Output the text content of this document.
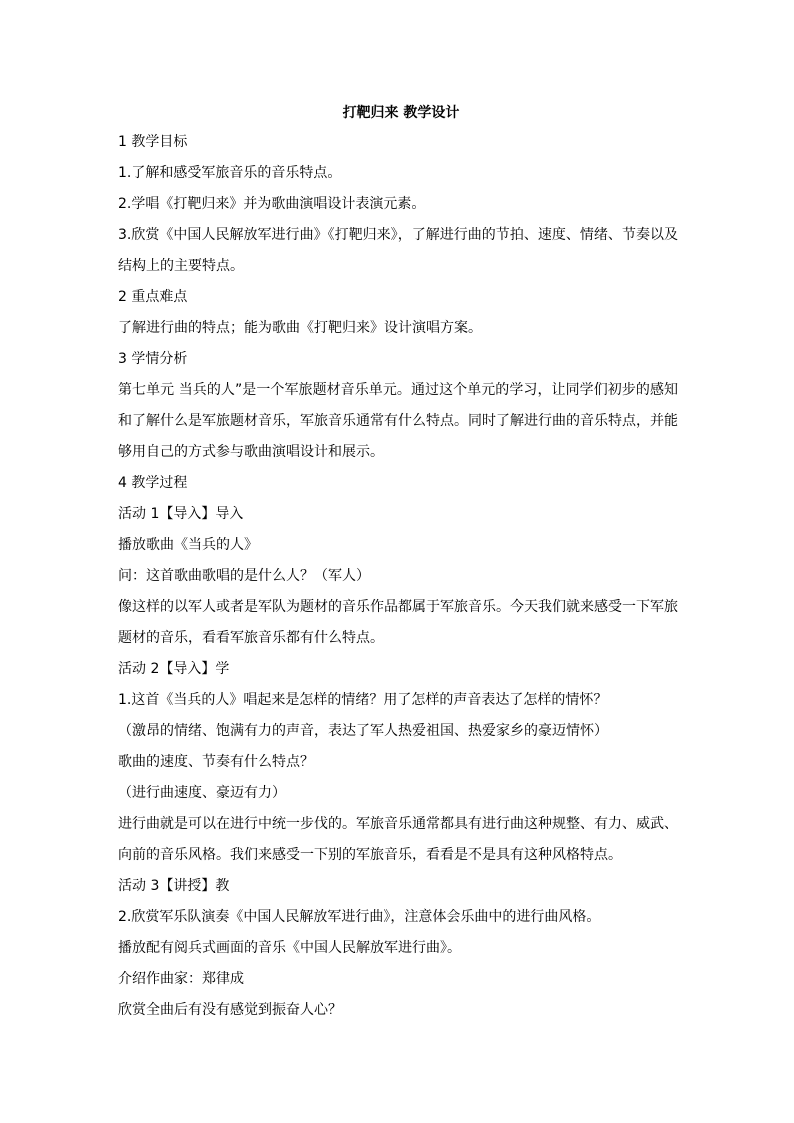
打靶归来 教学设计

1 教学目标

1.了解和感受军旅音乐的音乐特点。

2.学唱《打靶归来》并为歌曲演唱设计表演元素。

3.欣赏《中国人民解放军进行曲》《打靶归来》，了解进行曲的节拍、速度、情绪、节奏以及结构上的主要特点。

2 重点难点

了解进行曲的特点；能为歌曲《打靶归来》设计演唱方案。

3 学情分析

第七单元 当兵的人”是一个军旅题材音乐单元。通过这个单元的学习，让同学们初步的感知和了解什么是军旅题材音乐，军旅音乐通常有什么特点。同时了解进行曲的音乐特点，并能够用自己的方式参与歌曲演唱设计和展示。

4 教学过程

活动 1【导入】导入

播放歌曲《当兵的人》

问：这首歌曲歌唱的是什么人？（军人）

像这样的以军人或者是军队为题材的音乐作品都属于军旅音乐。今天我们就来感受一下军旅题材的音乐，看看军旅音乐都有什么特点。

活动 2【导入】学

1.这首《当兵的人》唱起来是怎样的情绪？用了怎样的声音表达了怎样的情怀？

（激昂的情绪、饱满有力的声音，表达了军人热爱祖国、热爱家乡的豪迈情怀）

歌曲的速度、节奏有什么特点？

（进行曲速度、豪迈有力）

进行曲就是可以在进行中统一步伐的。军旅音乐通常都具有进行曲这种规整、有力、威武、向前的音乐风格。我们来感受一下别的军旅音乐，看看是不是具有这种风格特点。

活动 3【讲授】教

2.欣赏军乐队演奏《中国人民解放军进行曲》，注意体会乐曲中的进行曲风格。

播放配有阅兵式画面的音乐《中国人民解放军进行曲》。

介绍作曲家：郑律成

欣赏全曲后有没有感觉到振奋人心？
